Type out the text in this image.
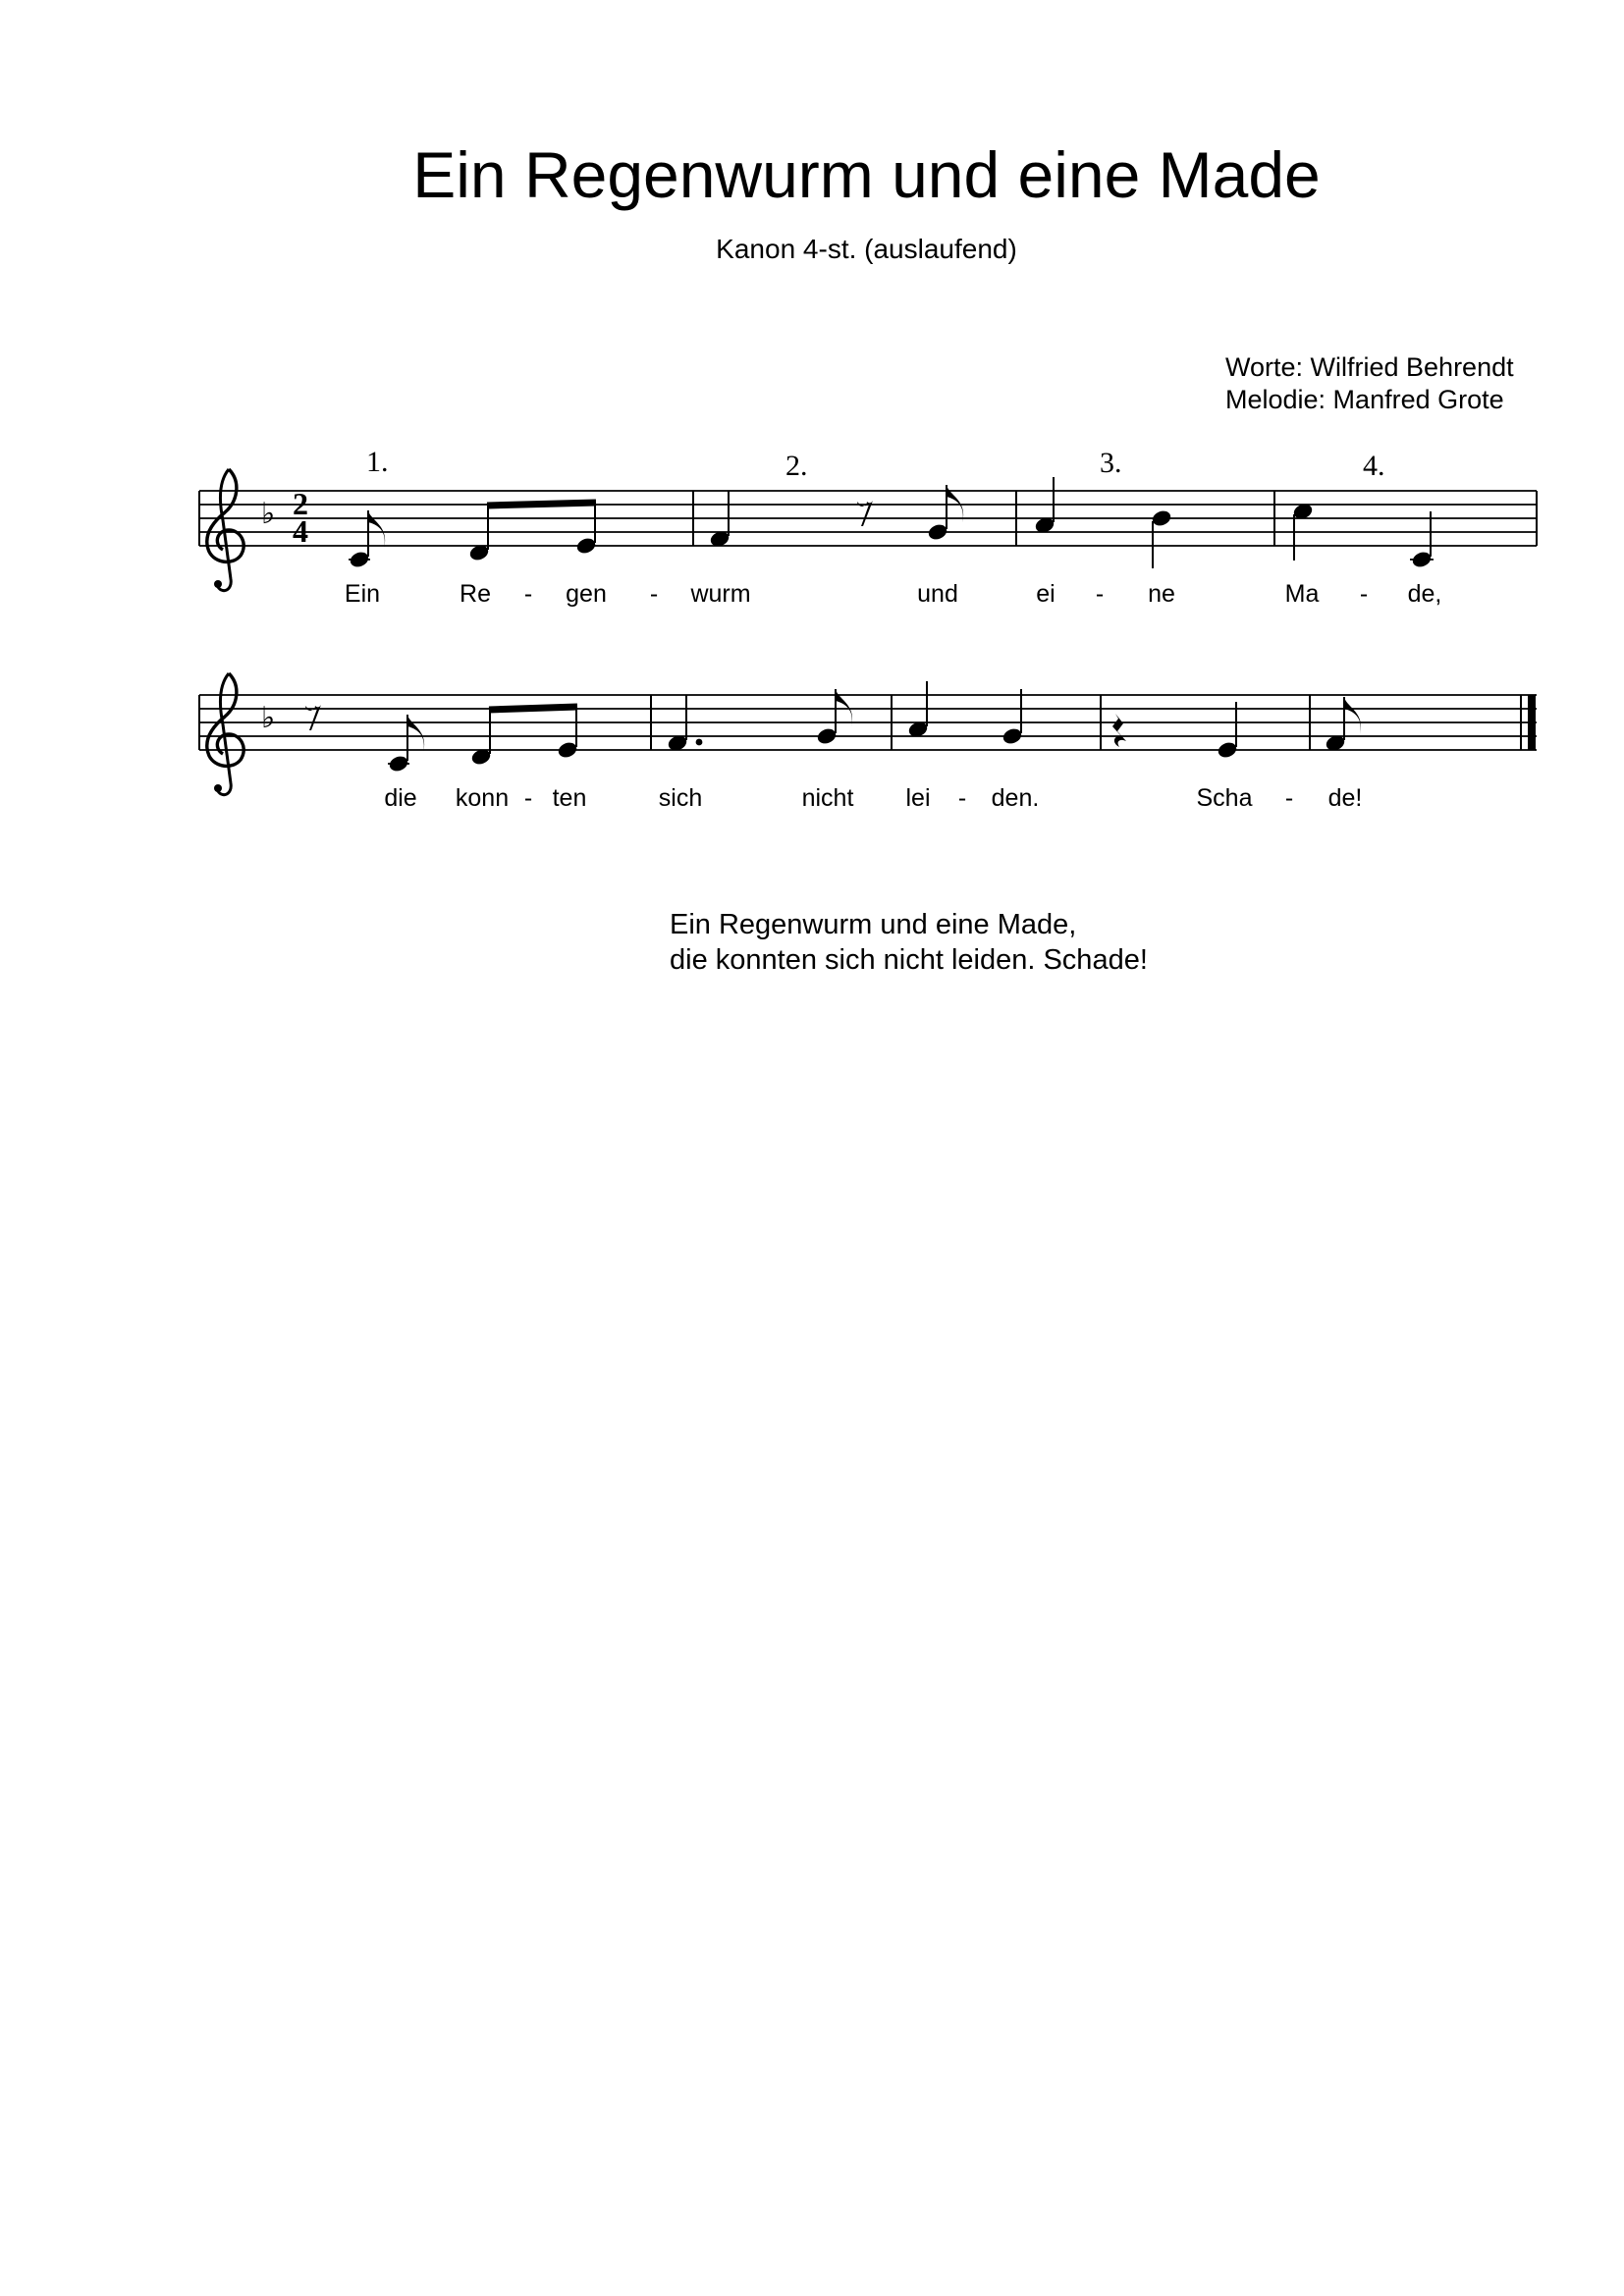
Ein Regenwurm und eine Made
Kanon 4-st. (auslaufend)
Worte: Wilfried Behrendt
Melodie: Manfred Grote
♭ 2
4
1.	2.	3.	4.
Ein	Re - gen - wurm	und	ei - ne	Ma - de,
♭
die konn - ten	sich	nicht lei - den.	Scha - de!
Ein Regenwurm und eine Made,
die konnten sich nicht leiden. Schade!
